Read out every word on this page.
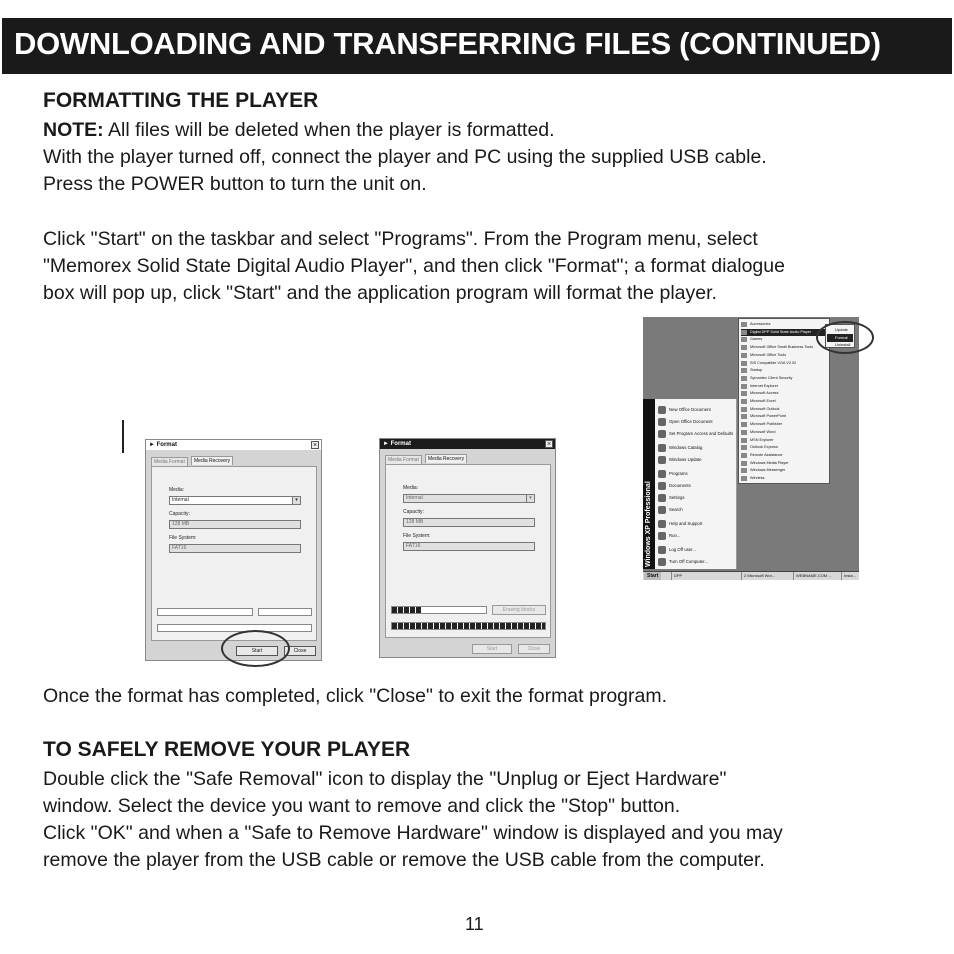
DOWNLOADING AND TRANSFERRING FILES (CONTINUED)
FORMATTING THE PLAYER
NOTE: All files will be deleted when the player is formatted.
With the player turned off, connect the player and PC using the supplied USB cable.
Press the POWER button to turn the unit on.
Click "Start" on the taskbar and select "Programs". From the Program menu, select
"Memorex Solid State Digital Audio Player", and then click "Format"; a format dialogue
box will pop up, click "Start" and the application program will format the player.
► Format	×
Media Format	Media Recovery
Media:
Internal	▾
Capacity:
128 MB
File System:
FAT16
Start	Close
► Format	×
Media Format	Media Recovery
Media:
Internal	▾
Capacity:
128 MB
File System:
FAT16
Erasing blocks
Start	Close
Windows XP Professional
New Office Document
Open Office Document
Set Program Access and Defaults
Windows Catalog
Windows Update
Programs
Documents
Settings
Search
Help and Support
Run...
Log Off user...
Turn Off Computer...
Accessories
Digital DPP Solid State Audio Player
Games
Microsoft Office Small Business Tools
Microsoft Office Tools
SIS Compatible VGA V2.02
Startup
Symantec Client Security
Internet Explorer
Microsoft Access
Microsoft Excel
Microsoft Outlook
Microsoft PowerPoint
Microsoft Publisher
Microsoft Word
MSN Explorer
Outlook Express
Remote Assistance
Windows Media Player
Windows Messenger
Wireless
Update
Format
Uninstall
Start	DPP	2 Microsoft Wor...	WEBNAME.COM ...	Insta...
Once the format has completed, click "Close" to exit the format program.
TO SAFELY REMOVE YOUR PLAYER
Double click the "Safe Removal" icon to display the "Unplug or Eject Hardware"
window. Select the device you want to remove and click the "Stop" button.
Click "OK" and when a "Safe to Remove Hardware" window is displayed and you may
remove the player from the USB cable or remove the USB cable from the computer.
11
